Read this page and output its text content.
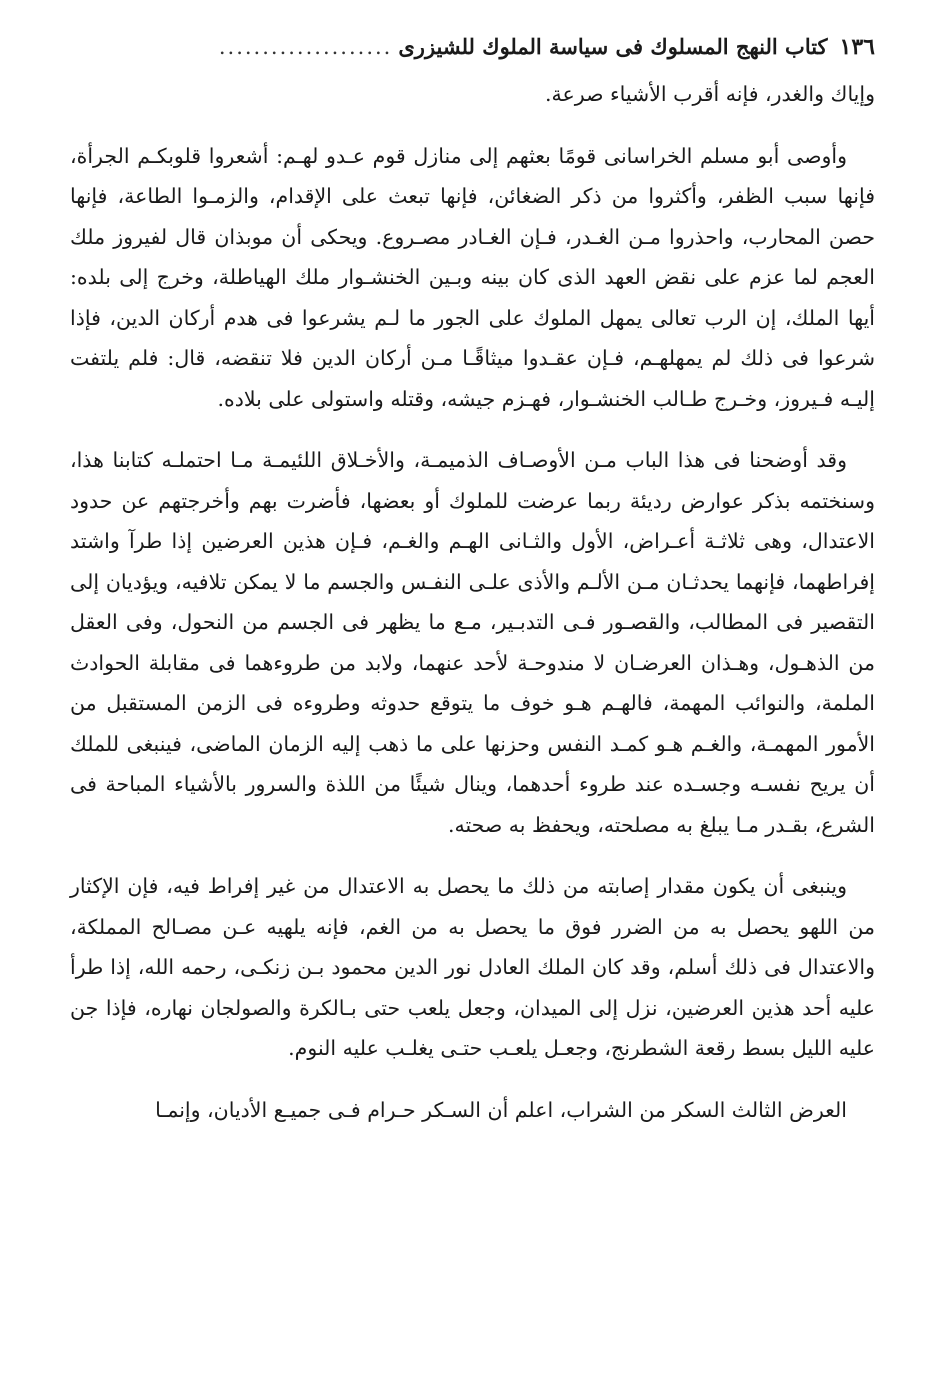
١٣٦
كتاب النهج المسلوك فى سياسة الملوك للشيزرى
....................

وإياك والغدر، فإنه أقرب الأشياء صرعة.

وأوصى أبو مسلم الخراسانى قومًا بعثهم إلى منازل قوم عـدو لهـم: أشعروا قلوبكـم الجرأة، فإنها سبب الظفر، وأكثروا من ذكر الضغائن، فإنها تبعث على الإقدام، والزمـوا الطاعة، فإنها حصن المحارب، واحذروا مـن الغـدر، فـإن الغـادر مصـروع. ويحكى أن موبذان قال لفيروز ملك العجم لما عزم على نقض العهد الذى كان بينه وبـين الخنشـوار ملك الهياطلة، وخرج إلى بلده: أيها الملك، إن الرب تعالى يمهل الملوك على الجور ما لـم يشرعوا فى هدم أركان الدين، فإذا شرعوا فى ذلك لم يمهلهـم، فـإن عقـدوا ميثاقًـا مـن أركان الدين فلا تنقضه، قال: فلم يلتفت إليـه فـيروز، وخـرج طـالب الخنشـوار، فهـزم جيشه، وقتله واستولى على بلاده.

وقد أوضحنا فى هذا الباب مـن الأوصـاف الذميمـة، والأخـلاق اللئيمـة مـا احتملـه كتابنا هذا، وسنختمه بذكر عوارض رديئة ربما عرضت للملوك أو بعضها، فأضرت بهم وأخرجتهم عن حدود الاعتدال، وهى ثلاثـة أعـراض، الأول والثـانى الهـم والغـم، فـإن هذين العرضين إذا طرآ واشتد إفراطهما، فإنهما يحدثـان مـن الألـم والأذى علـى النفـس والجسم ما لا يمكن تلافيه، ويؤديان إلى التقصير فى المطالب، والقصـور فـى التدبـير، مـع ما يظهر فى الجسم من النحول، وفى العقل من الذهـول، وهـذان العرضـان لا مندوحـة لأحد عنهما، ولابد من طروءهما فى مقابلة الحوادث الملمة، والنوائب المهمة، فالهـم هـو خوف ما يتوقع حدوثه وطروءه فى الزمن المستقبل من الأمور المهمـة، والغـم هـو كمـد النفس وحزنها على ما ذهب إليه الزمان الماضى، فينبغى للملك أن يريح نفسـه وجسـده عند طروء أحدهما، وينال شيئًا من اللذة والسرور بالأشياء المباحة فى الشرع، بقـدر مـا يبلغ به مصلحته، ويحفظ به صحته.

وينبغى أن يكون مقدار إصابته من ذلك ما يحصل به الاعتدال من غير إفراط فيه، فإن الإكثار من اللهو يحصل به من الضرر فوق ما يحصل به من الغم، فإنه يلهيه عـن مصـالح المملكة، والاعتدال فى ذلك أسلم، وقد كان الملك العادل نور الدين محمود بـن زنكـى، رحمه الله، إذا طرأ عليه أحد هذين العرضين، نزل إلى الميدان، وجعل يلعب حتى بـالكرة والصولجان نهاره، فإذا جن عليه الليل بسط رقعة الشطرنج، وجعـل يلعـب حتـى يغلـب عليه النوم.

العرض الثالث السكر من الشراب، اعلم أن السـكر حـرام فـى جميـع الأديان، وإنمـا
